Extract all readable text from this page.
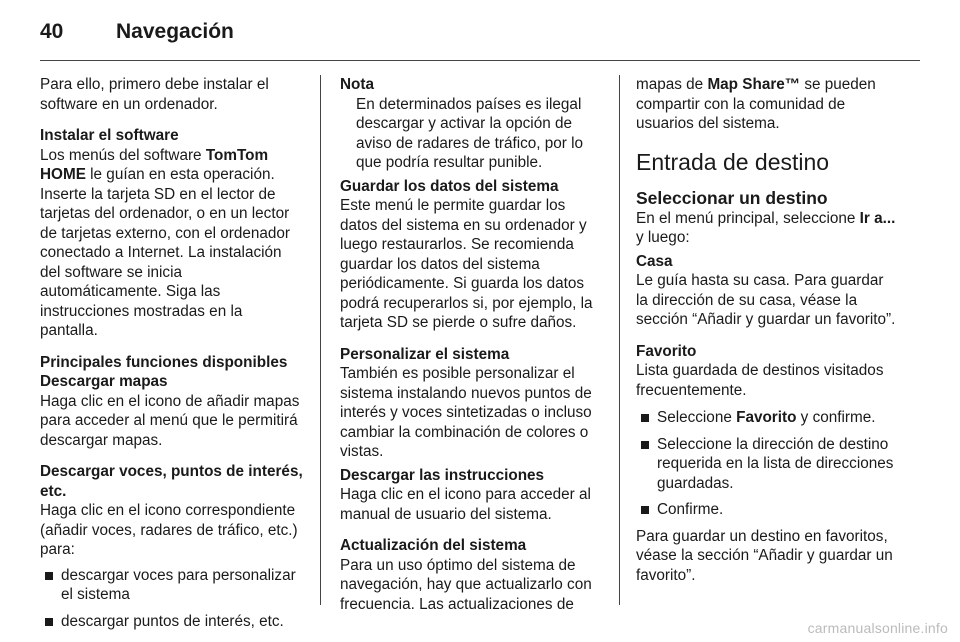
40	Navegación

Para ello, primero debe instalar el software en un ordenador.

Instalar el software
Los menús del software TomTom HOME le guían en esta operación. Inserte la tarjeta SD en el lector de tarjetas del ordenador, o en un lector de tarjetas externo, con el ordenador conectado a Internet. La instalación del software se inicia automáticamente. Siga las instrucciones mostradas en la pantalla.

Principales funciones disponibles

Descargar mapas
Haga clic en el icono de añadir mapas para acceder al menú que le permitirá descargar mapas.

Descargar voces, puntos de interés, etc.
Haga clic en el icono correspondiente (añadir voces, radares de tráfico, etc.) para:

descargar voces para personalizar el sistema
descargar puntos de interés, etc.
Nota
En determinados países es ilegal descargar y activar la opción de aviso de radares de tráfico, por lo que podría resultar punible.

Guardar los datos del sistema
Este menú le permite guardar los datos del sistema en su ordenador y luego restaurarlos. Se recomienda guardar los datos del sistema periódicamente. Si guarda los datos podrá recuperarlos si, por ejemplo, la tarjeta SD se pierde o sufre daños.

Personalizar el sistema
También es posible personalizar el sistema instalando nuevos puntos de interés y voces sintetizadas o incluso cambiar la combinación de colores o vistas.

Descargar las instrucciones
Haga clic en el icono para acceder al manual de usuario del sistema.

Actualización del sistema
Para un uso óptimo del sistema de navegación, hay que actualizarlo con frecuencia. Las actualizaciones de

mapas de Map Share™ se pueden compartir con la comunidad de usuarios del sistema.

Entrada de destino
Seleccionar un destino

En el menú principal, seleccione Ir a... y luego:

Casa
Le guía hasta su casa. Para guardar la dirección de su casa, véase la sección “Añadir y guardar un favorito”.

Favorito
Lista guardada de destinos visitados frecuentemente.

Seleccione Favorito y confirme.
Seleccione la dirección de destino requerida en la lista de direcciones guardadas.
Confirme.

Para guardar un destino en favoritos, véase la sección “Añadir y guardar un favorito”.

carmanualsonline.info
